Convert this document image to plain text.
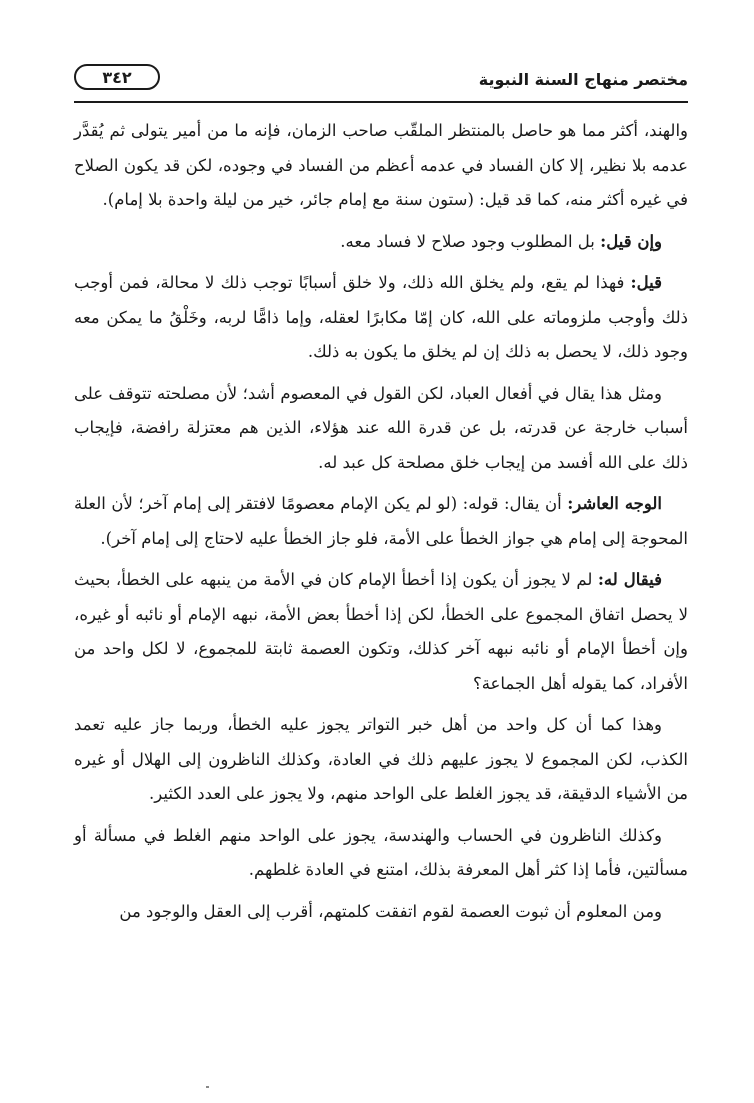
مختصر منهاج السنة النبوية
٣٤٢

والهند، أكثر مما هو حاصل بالمنتظر الملقّب صاحب الزمان، فإنه ما من أمير يتولى ثم يُقدَّر عدمه بلا نظير، إلا كان الفساد في عدمه أعظم من الفساد في وجوده، لكن قد يكون الصلاح في غيره أكثر منه، كما قد قيل: (ستون سنة مع إمام جائر، خير من ليلة واحدة بلا إمام).

وإن قيل: بل المطلوب وجود صلاح لا فساد معه.

قيل: فهذا لم يقع، ولم يخلق الله ذلك، ولا خلق أسبابًا توجب ذلك لا محالة، فمن أوجب ذلك وأوجب ملزوماته على الله، كان إمّا مكابرًا لعقله، وإما ذامًّا لربه، وخَلْقُ ما يمكن معه وجود ذلك، لا يحصل به ذلك إن لم يخلق ما يكون به ذلك.

ومثل هذا يقال في أفعال العباد، لكن القول في المعصوم أشد؛ لأن مصلحته تتوقف على أسباب خارجة عن قدرته، بل عن قدرة الله عند هؤلاء، الذين هم معتزلة رافضة، فإيجاب ذلك على الله أفسد من إيجاب خلق مصلحة كل عبد له.

الوجه العاشر: أن يقال: قوله: (لو لم يكن الإمام معصومًا لافتقر إلى إمام آخر؛ لأن العلة المحوجة إلى إمام هي جواز الخطأ على الأمة، فلو جاز الخطأ عليه لاحتاج إلى إمام آخر).

فيقال له: لم لا يجوز أن يكون إذا أخطأ الإمام كان في الأمة من ينبهه على الخطأ، بحيث لا يحصل اتفاق المجموع على الخطأ، لكن إذا أخطأ بعض الأمة، نبهه الإمام أو نائبه أو غيره، وإن أخطأ الإمام أو نائبه نبهه آخر كذلك، وتكون العصمة ثابتة للمجموع، لا لكل واحد من الأفراد، كما يقوله أهل الجماعة؟

وهذا كما أن كل واحد من أهل خبر التواتر يجوز عليه الخطأ، وربما جاز عليه تعمد الكذب، لكن المجموع لا يجوز عليهم ذلك في العادة، وكذلك الناظرون إلى الهلال أو غيره من الأشياء الدقيقة، قد يجوز الغلط على الواحد منهم، ولا يجوز على العدد الكثير.

وكذلك الناظرون في الحساب والهندسة، يجوز على الواحد منهم الغلط في مسألة أو مسألتين، فأما إذا كثر أهل المعرفة بذلك، امتنع في العادة غلطهم.

ومن المعلوم أن ثبوت العصمة لقوم اتفقت كلمتهم، أقرب إلى العقل والوجود من
